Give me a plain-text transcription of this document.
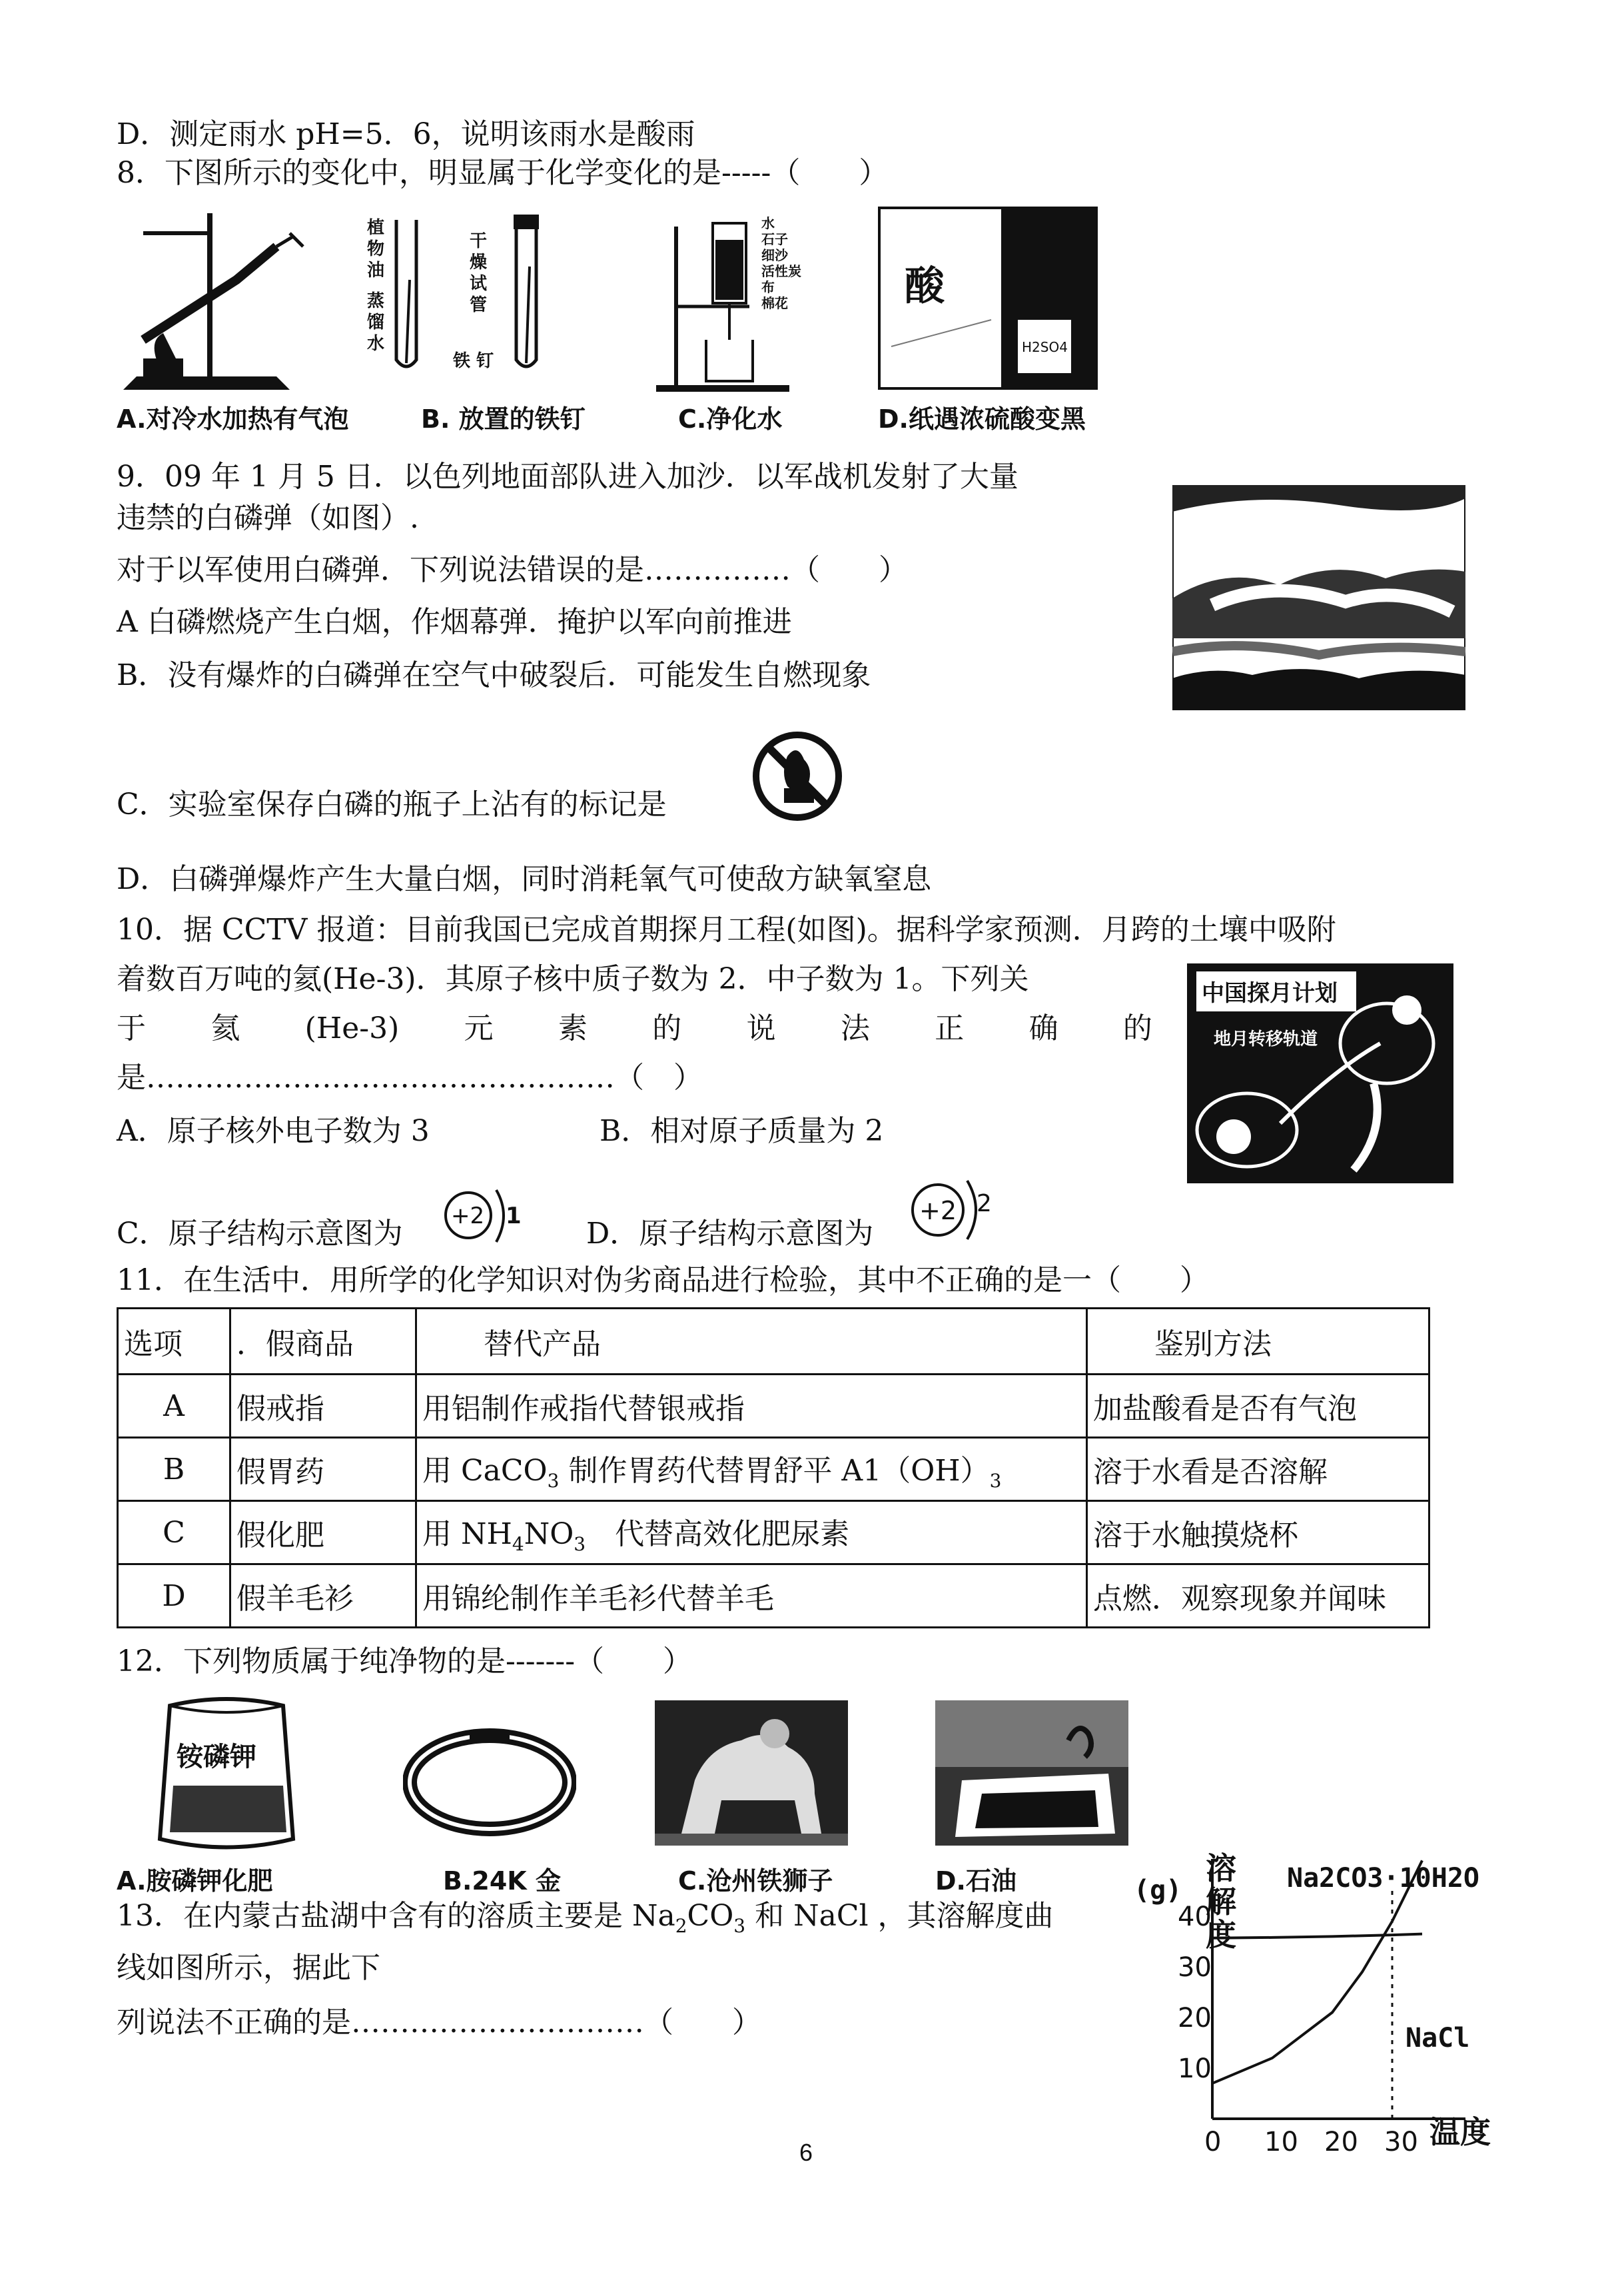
D．测定雨水 pH=5．6，说明该雨水是酸雨
8．下图所示的变化中，明显属于化学变化的是-----（　　）
A.对冷水加热有气泡
植
物
油
蒸
馏
水
干
燥
试
管
铁 钉
B. 放置的铁钉
水
石子
细沙
活性炭
布
棉花
C.净化水
酸
H2SO4
D.纸遇浓硫酸变黑
9．09 年 1 月 5 日．以色列地面部队进入加沙．以军战机发射了大量
违禁的白磷弹（如图）.
对于以军使用白磷弹．下列说法错误的是……………（　　）
A 白磷燃烧产生白烟，作烟幕弹．掩护以军向前推进
B．没有爆炸的白磷弹在空气中破裂后．可能发生自燃现象
C．实验室保存白磷的瓶子上沾有的标记是
D．白磷弹爆炸产生大量白烟，同时消耗氧气可使敌方缺氧窒息
10．据 CCTV 报道：目前我国已完成首期探月工程(如图)。据科学家预测．月跨的土壤中吸附
着数百万吨的氦(He-3)．其原子核中质子数为 2．中子数为 1。下列关
于 氦 (He-3) 元 素 的 说 法 正 确 的
是…………………………………………（　）
A．原子核外电子数为 3	B．相对原子质量为 2
中国探月计划
地月转移轨道
C．原子结构示意图为
+2 1
D．原子结构示意图为
+2 2
11．在生活中．用所学的化学知识对伪劣商品进行检验，其中不正确的是一（　　）
选项	．假商品	替代产品	鉴别方法
A	假戒指	用铝制作戒指代替银戒指	加盐酸看是否有气泡
B	假胃药	用 CaCO$_3$ 制作胃药代替胃舒平 $A1(OH)_3$	溶于水看是否溶解
C	假化肥	用 $NH_4NO_3$　代替高效化肥尿素	溶于水触摸烧杯
D	假羊毛衫	用锦纶制作羊毛衫代替羊毛	点燃．观察现象并闻味
12．下列物质属于纯净物的是-------（　　）
铵磷钾
A.胺磷钾化肥	B.24K 金	C.沧州铁狮子	D.石油
13．在内蒙古盐湖中含有的溶质主要是 $Na_2CO_3$ 和 NaCl ，其溶解度曲
线如图所示，据此下
列说法不正确的是…………………………（　　）
(g)
溶
解
度
Na2CO3·10H2O
NaCl
温度
0 10 20 30
10
20
30
40
6
